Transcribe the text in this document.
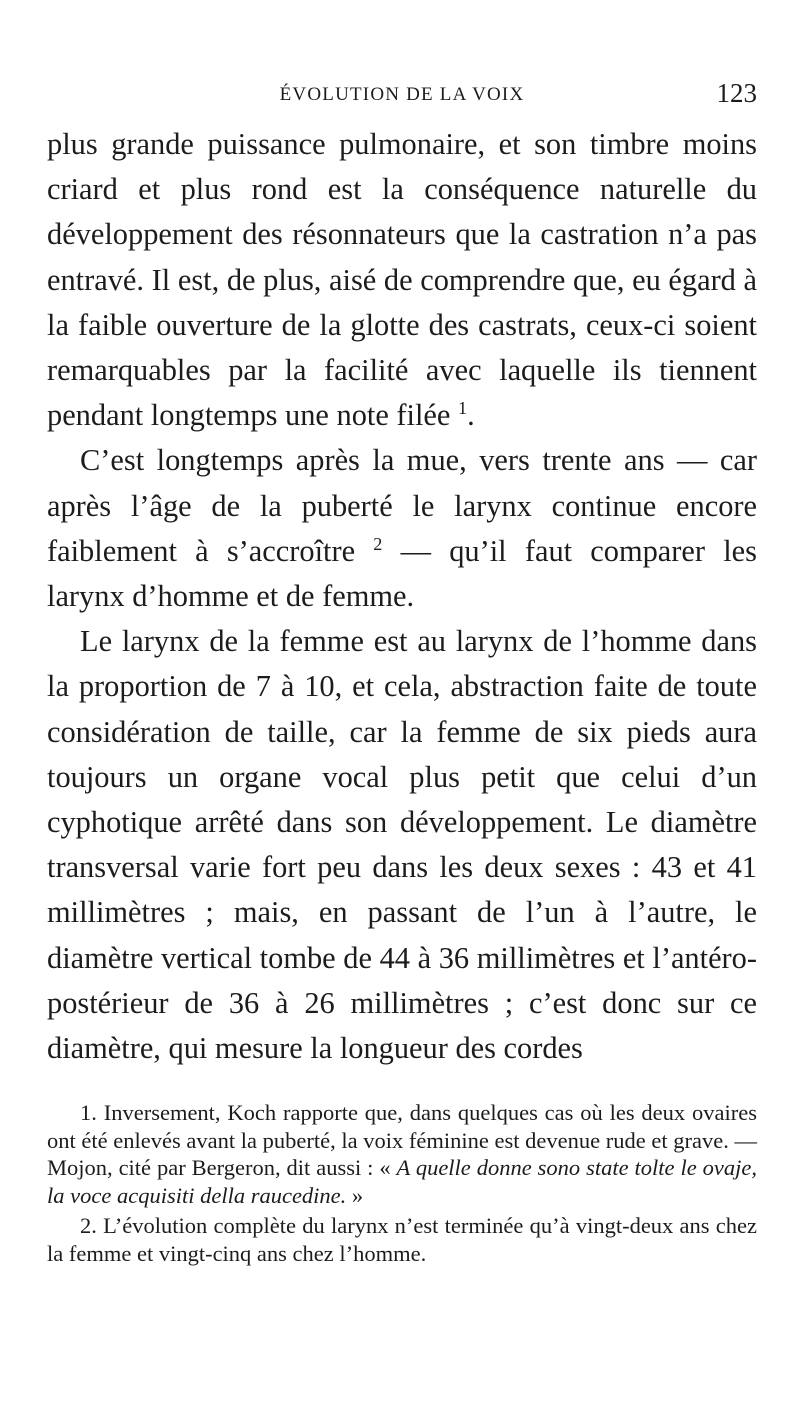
ÉVOLUTION DE LA VOIX	123

plus grande puissance pulmonaire, et son timbre moins criard et plus rond est la conséquence naturelle du développement des résonnateurs que la castration n’a pas entravé. Il est, de plus, aisé de comprendre que, eu égard à la faible ouverture de la glotte des castrats, ceux-ci soient remarquables par la facilité avec laquelle ils tiennent pendant longtemps une note filée $^1$.

C’est longtemps après la mue, vers trente ans — car après l’âge de la puberté le larynx continue encore faiblement à s’accroître $^2$ — qu’il faut comparer les larynx d’homme et de femme.

Le larynx de la femme est au larynx de l’homme dans la proportion de 7 à 10, et cela, abstraction faite de toute considération de taille, car la femme de six pieds aura toujours un organe vocal plus petit que celui d’un cyphotique arrêté dans son développement. Le diamètre transversal varie fort peu dans les deux sexes : 43 et 41 millimètres ; mais, en passant de l’un à l’autre, le diamètre vertical tombe de 44 à 36 millimètres et l’antéro-postérieur de 36 à 26 millimètres ; c’est donc sur ce diamètre, qui mesure la longueur des cordes

1. Inversement, Koch rapporte que, dans quelques cas où les deux ovaires ont été enlevés avant la puberté, la voix féminine est devenue rude et grave. — Mojon, cité par Bergeron, dit aussi : « A quelle donne sono state tolte le ovaje, la voce acquisiti della raucedine. »

2. L’évolution complète du larynx n’est terminée qu’à vingt-deux ans chez la femme et vingt-cinq ans chez l’homme.
